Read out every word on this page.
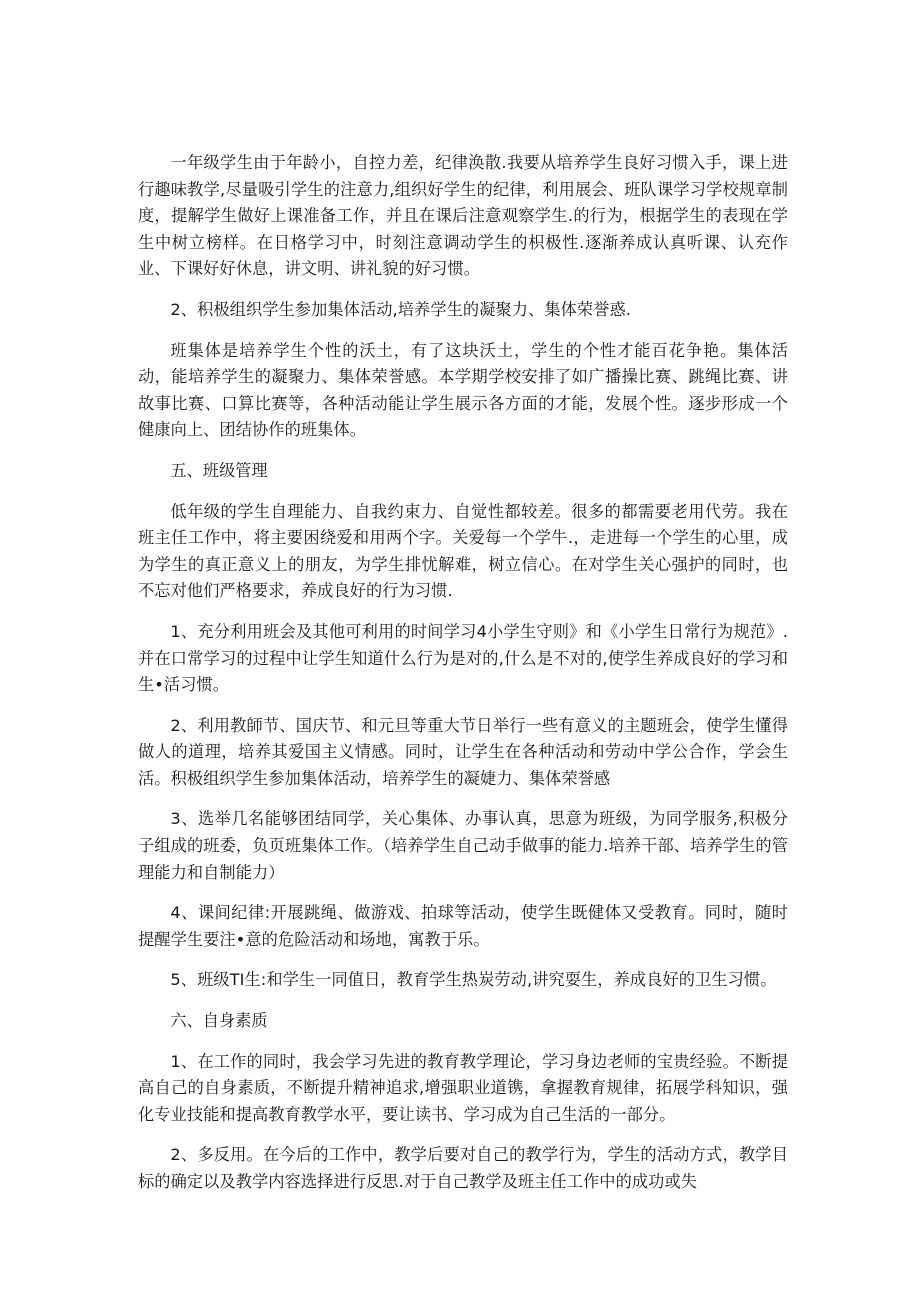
一年级学生由于年龄小，自控力差，纪律涣散.我要从培养学生良好习惯入手，课上进行趣味教学,尽量吸引学生的注意力,组织好学生的纪律，利用展会、班队课学习学校规章制度，提解学生做好上课准备工作，并且在课后注意观察学生.的行为，根据学生的表现在学生中树立榜样。在日格学习中，时刻注意调动学生的枳极性.逐渐养成认真听课、认充作业、下课好好休息，讲文明、讲礼貌的好习惯。

2、积极组织学生参加集体活动,培养学生的凝聚力、集体荣誉惑.

班集体是培养学生个性的沃土，有了这块沃土，学生的个性才能百花争艳。集体活动，能培养学生的凝聚力、集体荣誉感。本学期学校安排了如广播操比赛、跳绳比赛、讲故事比赛、口算比赛等，各种活动能让学生展示各方面的才能，发展个性。逐步形成一个健康向上、团结协作的班集体。

五、班级管理

低年级的学生自理能力、自我约束力、自觉性都较差。很多的都需要老用代劳。我在班主任工作中，将主要困绕爱和用两个字。关爱每一个学牛.，走进每一个学生的心里，成为学生的真正意义上的朋友，为学生排忧解难，树立信心。在对学生关心强护的同时，也不忘对他们严格要求，养成良好的行为习惯.

1、充分利用班会及其他可利用的时间学习4小学生守则》和《小学生日常行为规范》.并在口常学习的过程中让学生知道什么行为是对的,什么是不对的,使学生养成良好的学习和生•活习惯。

2、利用教師节、国庆节、和元旦等重大节日举行一些有意义的主题班会，使学生懂得做人的道理，培养其爱国主义情感。同时，让学生在各种活动和劳动中学公合作，学会生活。积极组织学生参加集体活动，培养学生的凝婕力、集体荣誉感

3、选举几名能够团结同学，关心集体、办事认真，思意为班级，为同学服务,积极分子组成的班委，负页班集体工作。（培养学生自己动手做事的能力.培养干部、培养学生的管理能力和自制能力）

4、课间纪律:开展跳绳、做游戏、拍球等活动，使学生既健体又受教育。同时，随时提醒学生要注•意的危险活动和场地，寓教于乐。

5、班级TI生:和学生一同值日，教育学生热炭劳动,讲究耍生，养成良好的卫生习惯。

六、自身素质

1、在工作的同时，我会学习先进的教育教学理论，学习身边老师的宝贵经验。不断提高自己的自身素质，不断提升精神追求,增强职业道镌，拿握教育规律，拓展学科知识，强化专业技能和提高教育教学水平，要让读书、学习成为自己生活的一部分。

2、多反用。在今后的工作中，教学后要对自己的教学行为，学生的活动方式，教学目标的确定以及教学内容选择进行反思.对于自己教学及班主任工作中的成功或失
